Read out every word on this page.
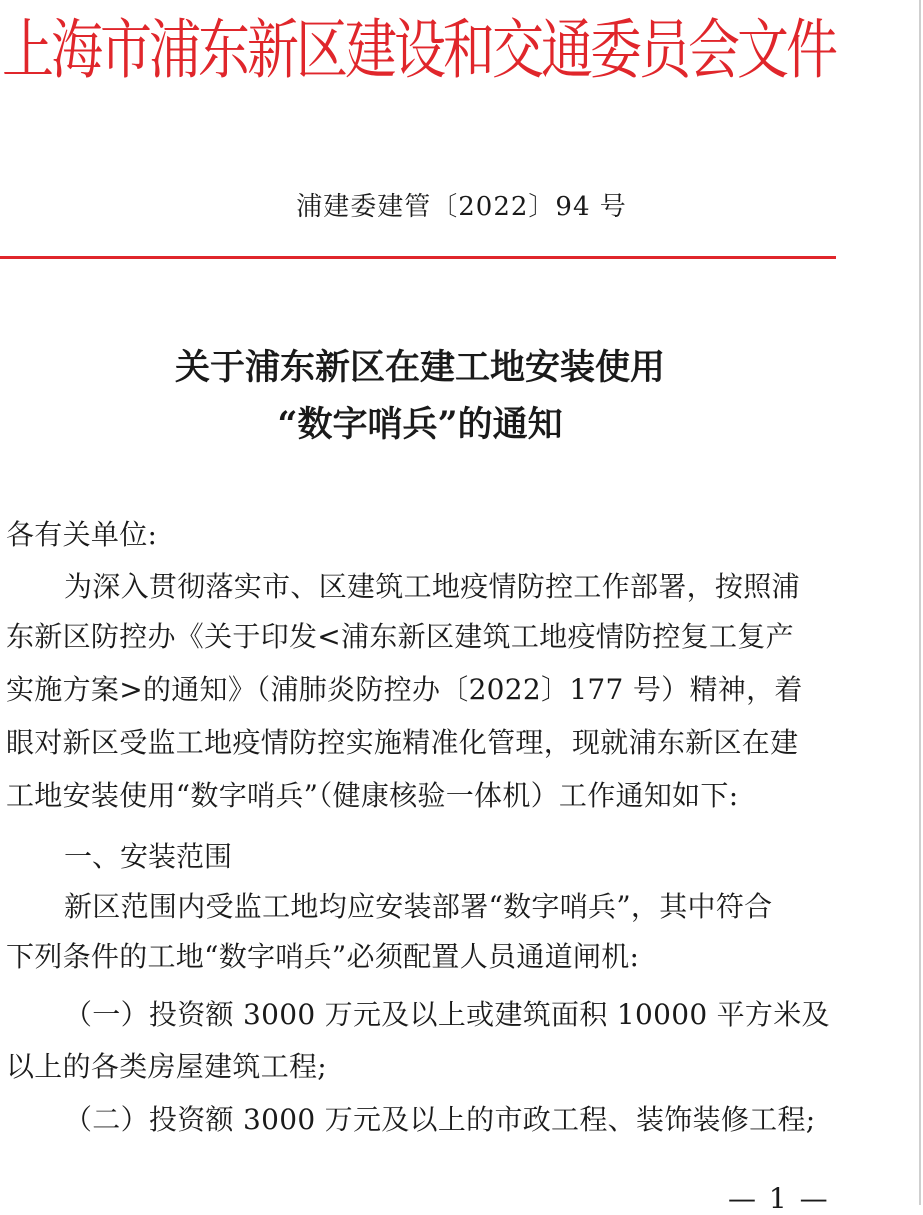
上海市浦东新区建设和交通委员会文件
浦建委建管〔2022〕94 号
关于浦东新区在建工地安装使用
“数字哨兵”的通知
各有关单位:
为深入贯彻落实市、区建筑工地疫情防控工作部署，按照浦
东新区防控办《关于印发<浦东新区建筑工地疫情防控复工复产
实施方案>的通知》（浦肺炎防控办〔2022〕177 号）精神，着
眼对新区受监工地疫情防控实施精准化管理，现就浦东新区在建
工地安装使用“数字哨兵”（健康核验一体机）工作通知如下:
一、安装范围
新区范围内受监工地均应安装部署“数字哨兵”，其中符合
下列条件的工地“数字哨兵”必须配置人员通道闸机:
（一）投资额 3000 万元及以上或建筑面积 10000 平方米及
以上的各类房屋建筑工程;
（二）投资额 3000 万元及以上的市政工程、装饰装修工程;
— 1 —
